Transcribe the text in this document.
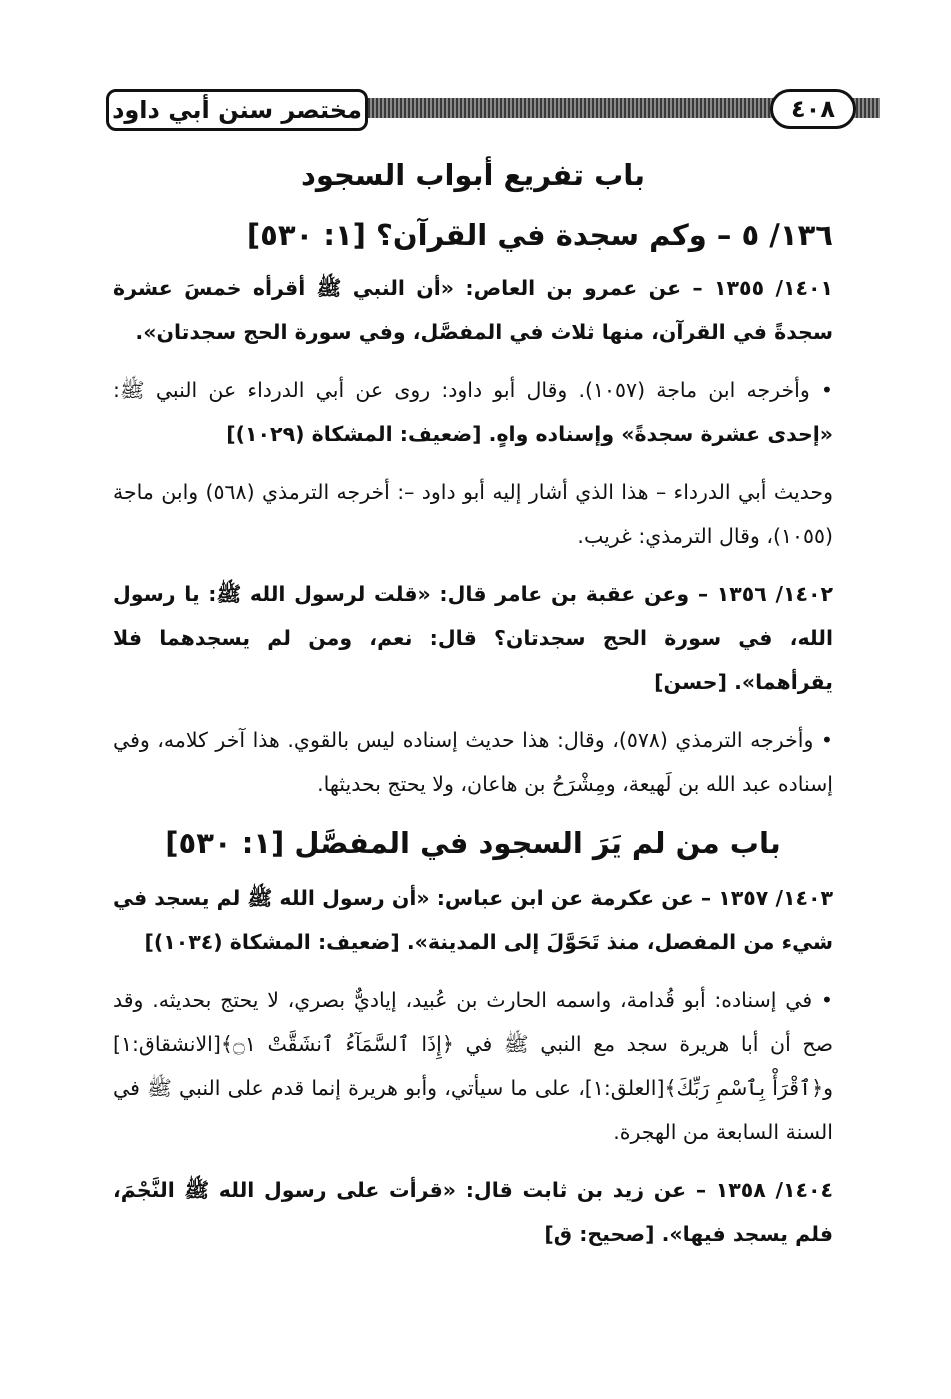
مختصر سنن أبي داود	٤٠٨

باب تفريع أبواب السجود

١٣٦/ ٥ – وكم سجدة في القرآن؟ [١: ٥٣٠]

١٤٠١/ ١٣٥٥ – عن عمرو بن العاص: «أن النبي ﷺ أقرأه خمسَ عشرة سجدةً في القرآن، منها ثلاث في المفصَّل، وفي سورة الحج سجدتان».

• وأخرجه ابن ماجة (١٠٥٧). وقال أبو داود: روى عن أبي الدرداء عن النبي ﷺ: «إحدى عشرة سجدةً» وإسناده واهٍ. [ضعيف: المشكاة (١٠٢٩)]

وحديث أبي الدرداء – هذا الذي أشار إليه أبو داود –: أخرجه الترمذي (٥٦٨) وابن ماجة (١٠٥٥)، وقال الترمذي: غريب.

١٤٠٢/ ١٣٥٦ – وعن عقبة بن عامر قال: «قلت لرسول الله ﷺ: يا رسول الله، في سورة الحج سجدتان؟ قال: نعم، ومن لم يسجدهما فلا يقرأهما». [حسن]

• وأخرجه الترمذي (٥٧٨)، وقال: هذا حديث إسناده ليس بالقوي. هذا آخر كلامه، وفي إسناده عبد الله بن لَهيعة، ومِشْرَحُ بن هاعان، ولا يحتج بحديثها.

باب من لم يَرَ السجود في المفصَّل [١: ٥٣٠]

١٤٠٣/ ١٣٥٧ – عن عكرمة عن ابن عباس: «أن رسول الله ﷺ لم يسجد في شيء من المفصل، منذ تَحَوَّلَ إلى المدينة». [ضعيف: المشكاة (١٠٣٤)]

• في إسناده: أبو قُدامة، واسمه الحارث بن عُبيد، إياديٌّ بصري، لا يحتج بحديثه. وقد صح أن أبا هريرة سجد مع النبي ﷺ في ﴿إِذَا ٱلسَّمَآءُ ٱنشَقَّتْ ۝١﴾[الانشقاق:١] و﴿ٱقْرَأْ بِٱسْمِ رَبِّكَ﴾[العلق:١]، على ما سيأتي، وأبو هريرة إنما قدم على النبي ﷺ في السنة السابعة من الهجرة.

١٤٠٤/ ١٣٥٨ – عن زيد بن ثابت قال: «قرأت على رسول الله ﷺ النَّجْمَ، فلم يسجد فيها». [صحيح: ق]
